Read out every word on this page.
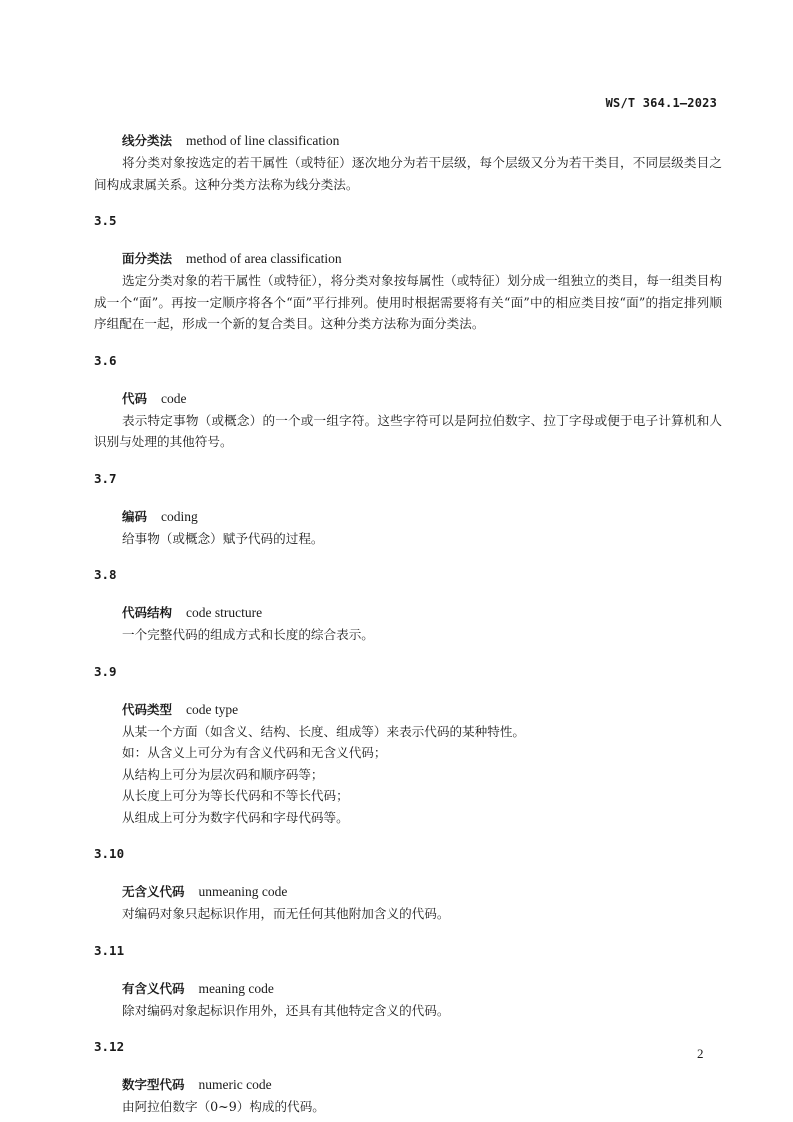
WS/T 364.1—2023
线分类法 method of line classification

将分类对象按选定的若干属性（或特征）逐次地分为若干层级，每个层级又分为若干类目，不同层级类目之间构成隶属关系。这种分类方法称为线分类法。

3.5
面分类法 method of area classification

选定分类对象的若干属性（或特征），将分类对象按每属性（或特征）划分成一组独立的类目，每一组类目构成一个“面”。再按一定顺序将各个“面”平行排列。使用时根据需要将有关“面”中的相应类目按“面”的指定排列顺序组配在一起，形成一个新的复合类目。这种分类方法称为面分类法。

3.6
代码 code

表示特定事物（或概念）的一个或一组字符。这些字符可以是阿拉伯数字、拉丁字母或便于电子计算机和人识别与处理的其他符号。

3.7
编码 coding

给事物（或概念）赋予代码的过程。

3.8
代码结构 code structure

一个完整代码的组成方式和长度的综合表示。

3.9
代码类型 code type

从某一个方面（如含义、结构、长度、组成等）来表示代码的某种特性。

如：从含义上可分为有含义代码和无含义代码；

从结构上可分为层次码和顺序码等；

从长度上可分为等长代码和不等长代码；

从组成上可分为数字代码和字母代码等。

3.10
无含义代码 unmeaning code

对编码对象只起标识作用，而无任何其他附加含义的代码。

3.11
有含义代码 meaning code

除对编码对象起标识作用外，还具有其他特定含义的代码。

3.12
数字型代码 numeric code

由阿拉伯数字（0~9）构成的代码。

2
